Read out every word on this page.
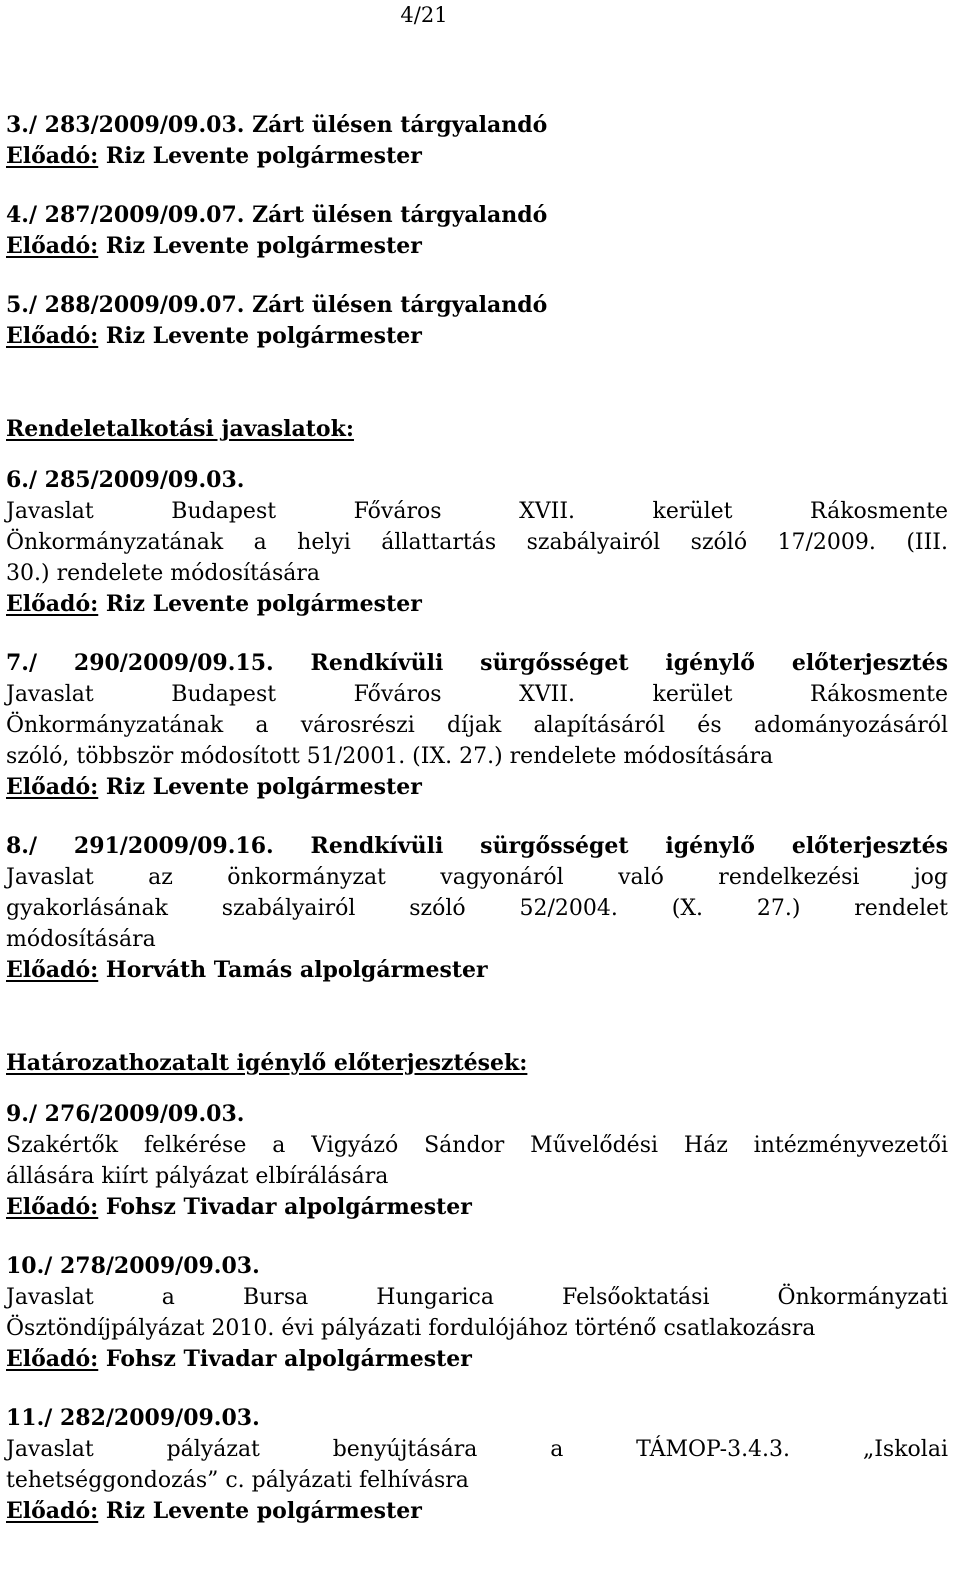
4/21
3./ 283/2009/09.03. Zárt ülésen tárgyalandó
Előadó: Riz Levente polgármester
4./ 287/2009/09.07. Zárt ülésen tárgyalandó
Előadó: Riz Levente polgármester
5./ 288/2009/09.07. Zárt ülésen tárgyalandó
Előadó: Riz Levente polgármester
Rendeletalkotási javaslatok:
6./ 285/2009/09.03.
Javaslat Budapest Főváros XVII. kerület Rákosmente
Önkormányzatának a helyi állattartás szabályairól szóló 17/2009. (III.
30.) rendelete módosítására
Előadó: Riz Levente polgármester
7./ 290/2009/09.15. Rendkívüli sürgősséget igénylő előterjesztés
Javaslat Budapest Főváros XVII. kerület Rákosmente
Önkormányzatának a városrészi díjak alapításáról és adományozásáról
szóló, többször módosított 51/2001. (IX. 27.) rendelete módosítására
Előadó: Riz Levente polgármester
8./ 291/2009/09.16. Rendkívüli sürgősséget igénylő előterjesztés
Javaslat az önkormányzat vagyonáról való rendelkezési jog
gyakorlásának szabályairól szóló 52/2004. (X. 27.) rendelet
módosítására
Előadó: Horváth Tamás alpolgármester
Határozathozatalt igénylő előterjesztések:
9./ 276/2009/09.03.
Szakértők felkérése a Vigyázó Sándor Művelődési Ház intézményvezetői
állására kiírt pályázat elbírálására
Előadó: Fohsz Tivadar alpolgármester
10./ 278/2009/09.03.
Javaslat a Bursa Hungarica Felsőoktatási Önkormányzati
Ösztöndíjpályázat 2010. évi pályázati fordulójához történő csatlakozásra
Előadó: Fohsz Tivadar alpolgármester
11./ 282/2009/09.03.
Javaslat pályázat benyújtására a TÁMOP-3.4.3. „Iskolai
tehetséggondozás” c. pályázati felhívásra
Előadó: Riz Levente polgármester
